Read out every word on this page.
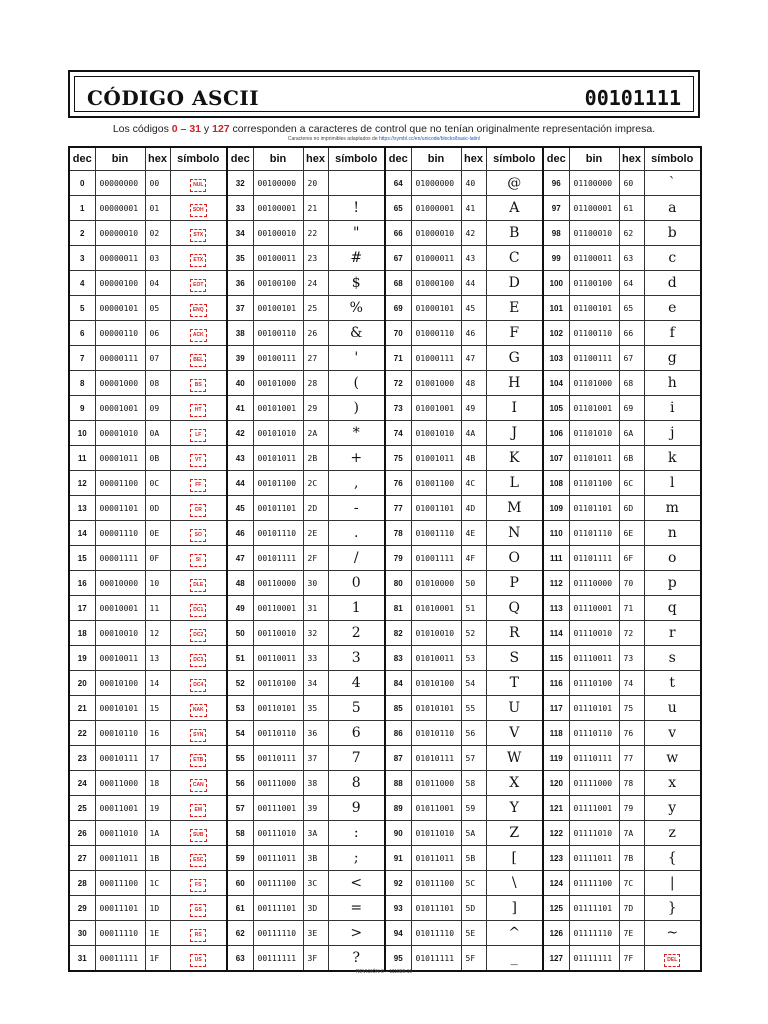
CÓDIGO ASCII	00101111
Los códigos 0 – 31 y 127 corresponden a caracteres de control que no tenían originalmente representación impresa.
Caracteres no imprimibles adaptados de https://symbl.cc/en/unicode/blocks/basic-latin/
dec	bin	hex	símbolo	dec	bin	hex	símbolo	dec	bin	hex	símbolo	dec	bin	hex	símbolo
0	00000000	00	NUL	32	00100000	20		64	01000000	40	@	96	01100000	60	`
1	00000001	01	SOH	33	00100001	21	!	65	01000001	41	A	97	01100001	61	a
2	00000010	02	STX	34	00100010	22	"	66	01000010	42	B	98	01100010	62	b
3	00000011	03	ETX	35	00100011	23	#	67	01000011	43	C	99	01100011	63	c
4	00000100	04	EOT	36	00100100	24	$	68	01000100	44	D	100	01100100	64	d
5	00000101	05	ENQ	37	00100101	25	%	69	01000101	45	E	101	01100101	65	e
6	00000110	06	ACK	38	00100110	26	&	70	01000110	46	F	102	01100110	66	f
7	00000111	07	BEL	39	00100111	27	'	71	01000111	47	G	103	01100111	67	g
8	00001000	08	BS	40	00101000	28	(	72	01001000	48	H	104	01101000	68	h
9	00001001	09	HT	41	00101001	29	)	73	01001001	49	I	105	01101001	69	i
10	00001010	0A	LF	42	00101010	2A	*	74	01001010	4A	J	106	01101010	6A	j
11	00001011	0B	VT	43	00101011	2B	+	75	01001011	4B	K	107	01101011	6B	k
12	00001100	0C	FF	44	00101100	2C	,	76	01001100	4C	L	108	01101100	6C	l
13	00001101	0D	CR	45	00101101	2D	-	77	01001101	4D	M	109	01101101	6D	m
14	00001110	0E	SO	46	00101110	2E	.	78	01001110	4E	N	110	01101110	6E	n
15	00001111	0F	SI	47	00101111	2F	/	79	01001111	4F	O	111	01101111	6F	o
16	00010000	10	DLE	48	00110000	30	0	80	01010000	50	P	112	01110000	70	p
17	00010001	11	DC1	49	00110001	31	1	81	01010001	51	Q	113	01110001	71	q
18	00010010	12	DC2	50	00110010	32	2	82	01010010	52	R	114	01110010	72	r
19	00010011	13	DC3	51	00110011	33	3	83	01010011	53	S	115	01110011	73	s
20	00010100	14	DC4	52	00110100	34	4	84	01010100	54	T	116	01110100	74	t
21	00010101	15	NAK	53	00110101	35	5	85	01010101	55	U	117	01110101	75	u
22	00010110	16	SYN	54	00110110	36	6	86	01010110	56	V	118	01110110	76	v
23	00010111	17	ETB	55	00110111	37	7	87	01010111	57	W	119	01110111	77	w
24	00011000	18	CAN	56	00111000	38	8	88	01011000	58	X	120	01111000	78	x
25	00011001	19	EM	57	00111001	39	9	89	01011001	59	Y	121	01111001	79	y
26	00011010	1A	SUB	58	00111010	3A	:	90	01011010	5A	Z	122	01111010	7A	z
27	00011011	1B	ESC	59	00111011	3B	;	91	01011011	5B	[	123	01111011	7B	{
28	00011100	1C	FS	60	00111100	3C	<	92	01011100	5C	\	124	01111100	7C	|
29	00011101	1D	GS	61	00111101	3D	=	93	01011101	5D	]	125	01111101	7D	}
30	00011110	1E	RS	62	00111110	3E	>	94	01011110	5E	^	126	01111110	7E	~
31	00011111	1F	US	63	00111111	3F	?	95	01011111	5F	_	127	01111111	7F	DEL
REVISIÓN 6 – 111889.19
